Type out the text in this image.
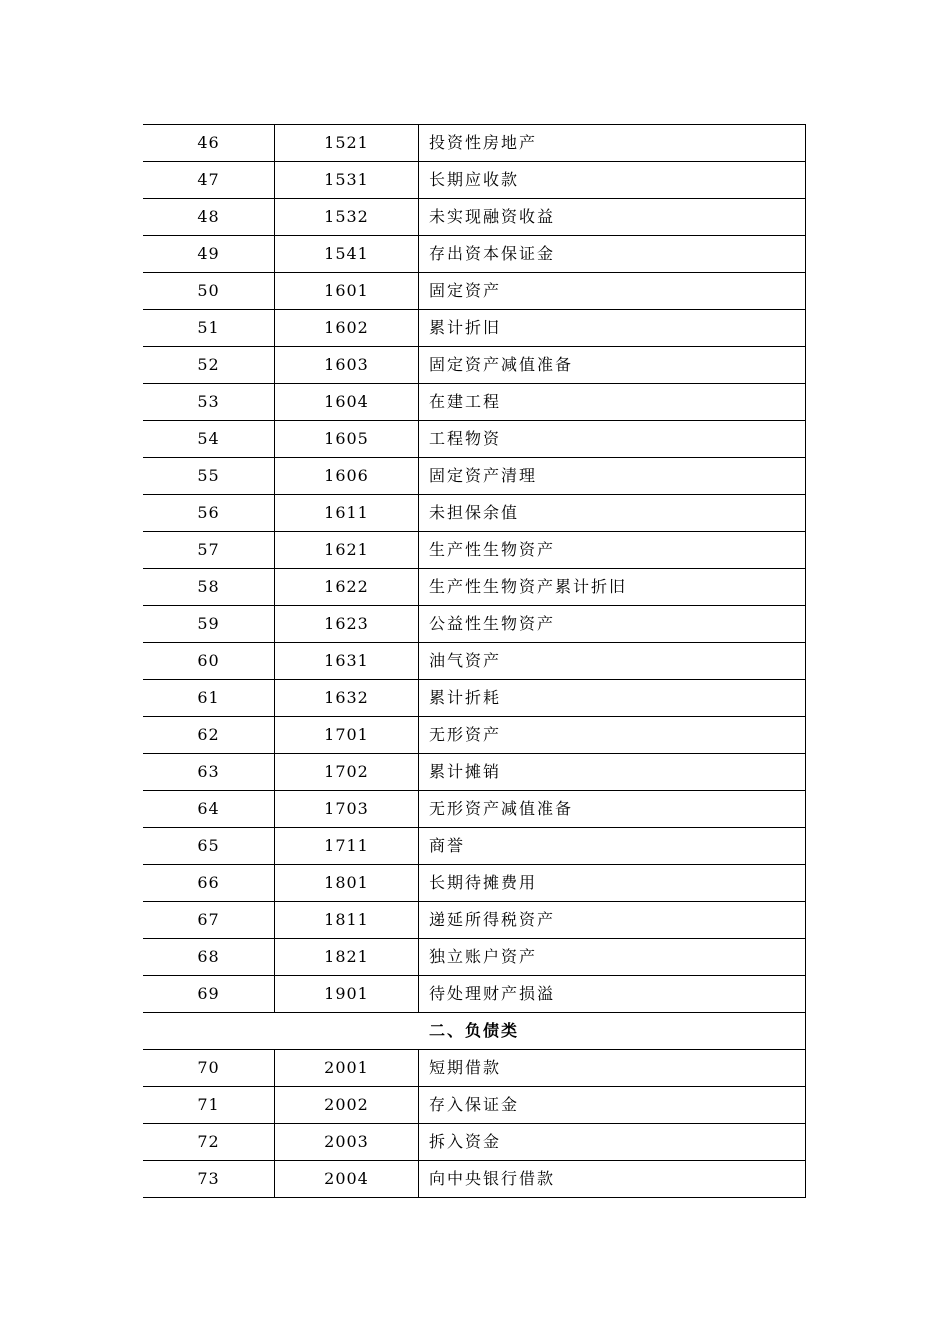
46	1521	投资性房地产
47	1531	长期应收款
48	1532	未实现融资收益
49	1541	存出资本保证金
50	1601	固定资产
51	1602	累计折旧
52	1603	固定资产减值准备
53	1604	在建工程
54	1605	工程物资
55	1606	固定资产清理
56	1611	未担保余值
57	1621	生产性生物资产
58	1622	生产性生物资产累计折旧
59	1623	公益性生物资产
60	1631	油气资产
61	1632	累计折耗
62	1701	无形资产
63	1702	累计摊销
64	1703	无形资产减值准备
65	1711	商誉
66	1801	长期待摊费用
67	1811	递延所得税资产
68	1821	独立账户资产
69	1901	待处理财产损溢
二、负债类		
70	2001	短期借款
71	2002	存入保证金
72	2003	拆入资金
73	2004	向中央银行借款
